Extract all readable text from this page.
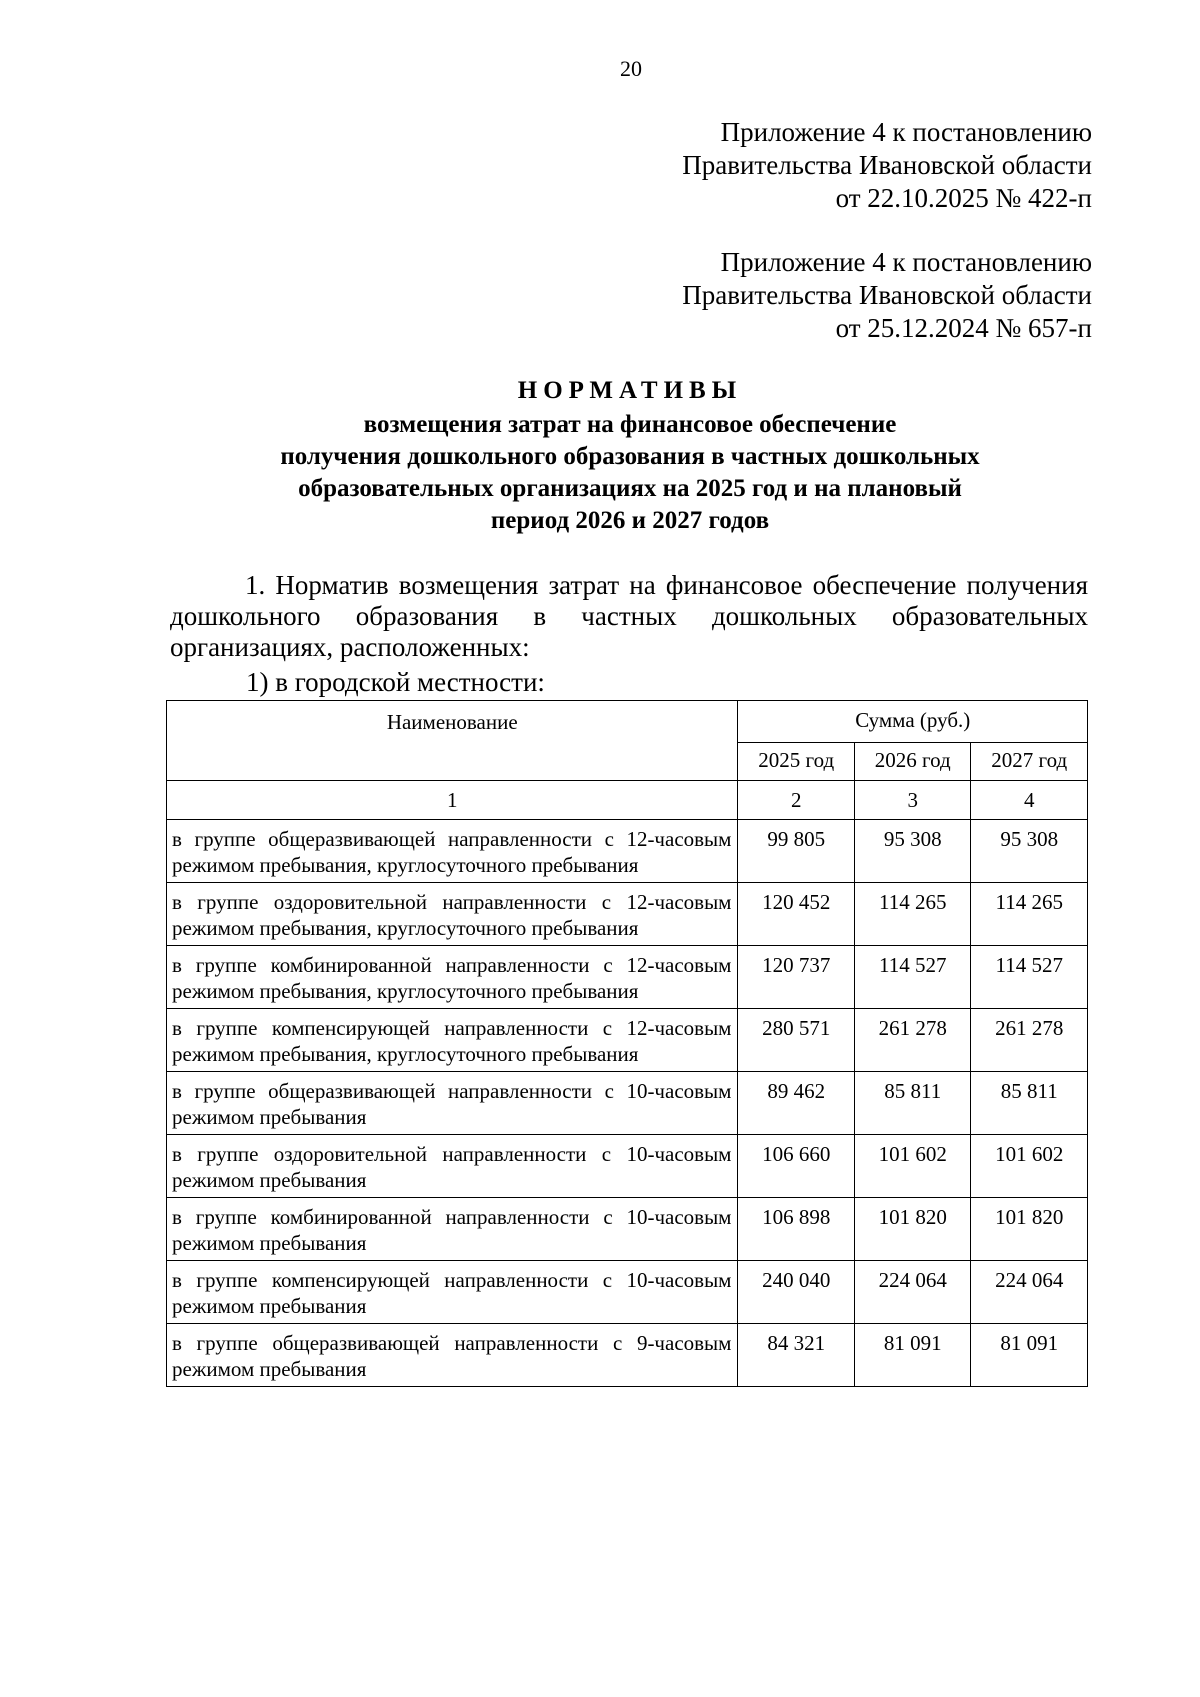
20
Приложение 4 к постановлению
Правительства Ивановской области
от 22.10.2025 № 422-п
Приложение 4 к постановлению
Правительства Ивановской области
от 25.12.2024 № 657-п
НОРМАТИВЫ
возмещения затрат на финансовое обеспечение
получения дошкольного образования в частных дошкольных
образовательных организациях на 2025 год и на плановый
период 2026 и 2027 годов
1. Норматив возмещения затрат на финансовое обеспечение получения дошкольного образования в частных дошкольных образовательных организациях, расположенных:
1) в городской местности:
Наименование	Сумма (руб.)		
	2025 год	2026 год	2027 год
1	2	3	4
в группе общеразвивающей направленности с 12-часовым режимом пребывания, круглосуточного пребывания	99 805	95 308	95 308
в группе оздоровительной направленности с 12-часовым режимом пребывания, круглосуточного пребывания	120 452	114 265	114 265
в группе комбинированной направленности с 12-часовым режимом пребывания, круглосуточного пребывания	120 737	114 527	114 527
в группе компенсирующей направленности с 12-часовым режимом пребывания, круглосуточного пребывания	280 571	261 278	261 278
в группе общеразвивающей направленности с 10-часовым режимом пребывания	89 462	85 811	85 811
в группе оздоровительной направленности с 10-часовым режимом пребывания	106 660	101 602	101 602
в группе комбинированной направленности с 10-часовым режимом пребывания	106 898	101 820	101 820
в группе компенсирующей направленности с 10-часовым режимом пребывания	240 040	224 064	224 064
в группе общеразвивающей направленности с 9-часовым режимом пребывания	84 321	81 091	81 091
